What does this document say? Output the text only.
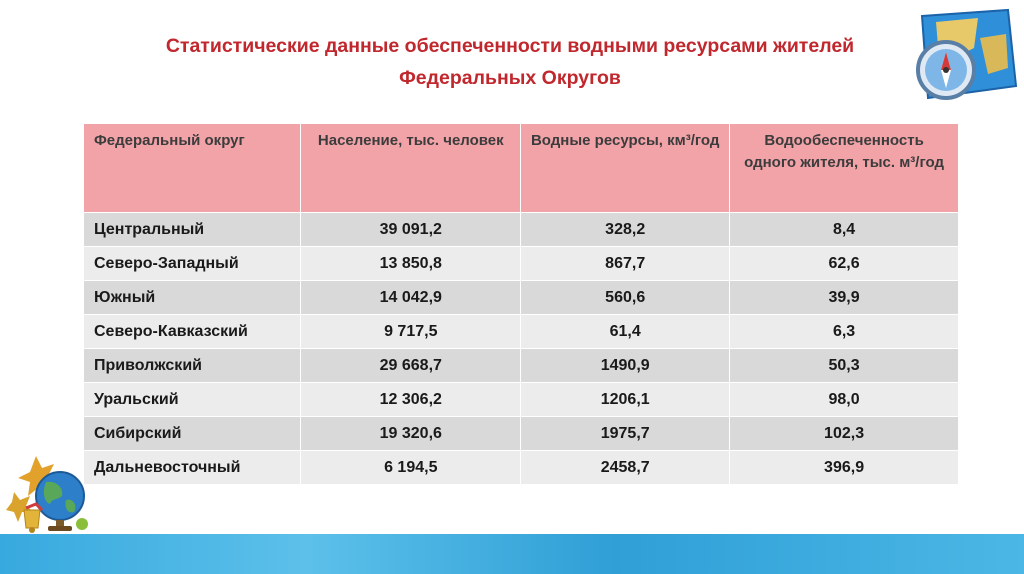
Статистические данные обеспеченности водными ресурсами жителей
Федеральных Округов
Федеральный округ	Население, тыс. человек	Водные ресурсы, км³/год	Водообеспеченность одного жителя, тыс. м³/год
Центральный	39 091,2	328,2	8,4
Северо-Западный	13 850,8	867,7	62,6
Южный	14 042,9	560,6	39,9
Северо-Кавказский	9 717,5	61,4	6,3
Приволжский	29 668,7	1490,9	50,3
Уральский	12 306,2	1206,1	98,0
Сибирский	19 320,6	1975,7	102,3
Дальневосточный	6 194,5	2458,7	396,9
